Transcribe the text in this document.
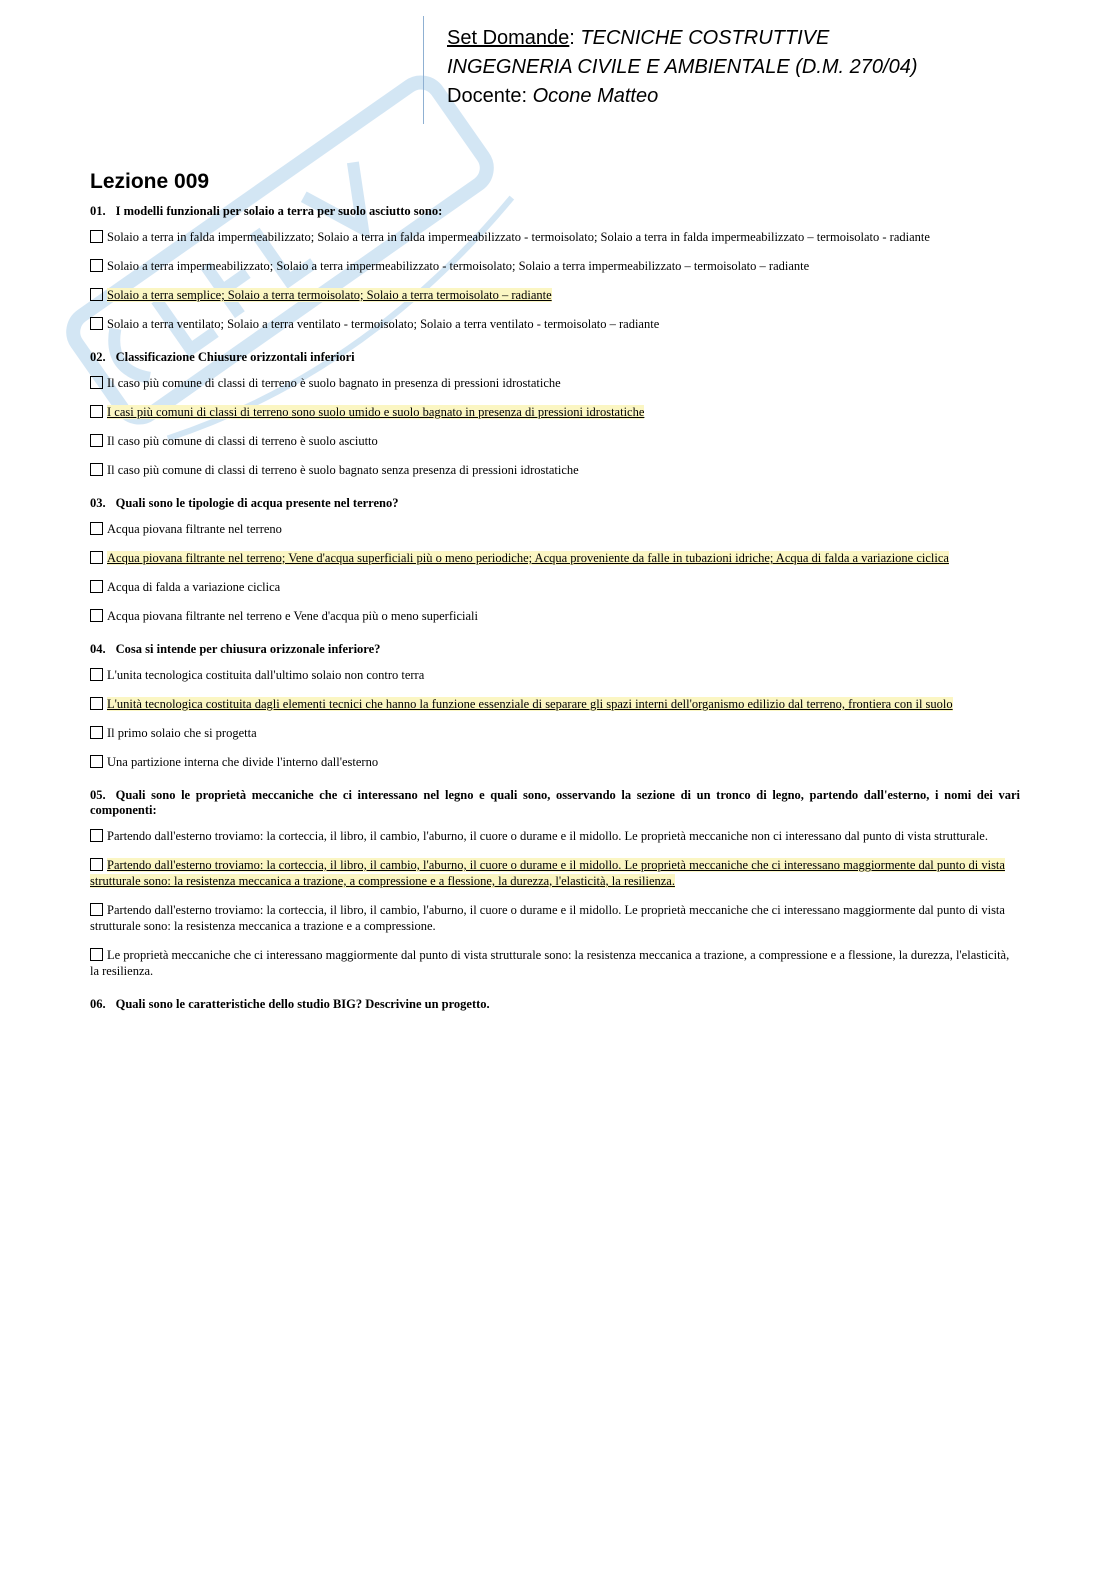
Set Domande: TECNICHE COSTRUTTIVE
INGEGNERIA CIVILE E AMBIENTALE (D.M. 270/04)
Docente: Ocone Matteo
Lezione 009
01. I modelli funzionali per solaio a terra per suolo asciutto sono:
Solaio a terra in falda impermeabilizzato; Solaio a terra in falda impermeabilizzato - termoisolato; Solaio a terra in falda impermeabilizzato – termoisolato - radiante
Solaio a terra impermeabilizzato; Solaio a terra impermeabilizzato - termoisolato; Solaio a terra impermeabilizzato – termoisolato – radiante
Solaio a terra semplice; Solaio a terra termoisolato; Solaio a terra termoisolato – radiante
Solaio a terra ventilato; Solaio a terra ventilato - termoisolato; Solaio a terra ventilato - termoisolato – radiante
02. Classificazione Chiusure orizzontali inferiori
Il caso più comune di classi di terreno è suolo bagnato in presenza di pressioni idrostatiche
I casi più comuni di classi di terreno sono suolo umido e suolo bagnato in presenza di pressioni idrostatiche
Il caso più comune di classi di terreno è suolo asciutto
Il caso più comune di classi di terreno è suolo bagnato senza presenza di pressioni idrostatiche
03. Quali sono le tipologie di acqua presente nel terreno?
Acqua piovana filtrante nel terreno
Acqua piovana filtrante nel terreno; Vene d'acqua superficiali più o meno periodiche; Acqua proveniente da falle in tubazioni idriche; Acqua di falda a variazione ciclica
Acqua di falda a variazione ciclica
Acqua piovana filtrante nel terreno e Vene d'acqua più o meno superficiali
04. Cosa si intende per chiusura orizzonale inferiore?
L'unita tecnologica costituita dall'ultimo solaio non contro terra
L'unità tecnologica costituita dagli elementi tecnici che hanno la funzione essenziale di separare gli spazi interni dell'organismo edilizio dal terreno, frontiera con il suolo
Il primo solaio che si progetta
Una partizione interna che divide l'interno dall'esterno
05. Quali sono le proprietà meccaniche che ci interessano nel legno e quali sono, osservando la sezione di un tronco di legno, partendo dall'esterno, i nomi dei vari componenti:
Partendo dall'esterno troviamo: la corteccia, il libro, il cambio, l'aburno, il cuore o durame e il midollo. Le proprietà meccaniche non ci interessano dal punto di vista strutturale.
Partendo dall'esterno troviamo: la corteccia, il libro, il cambio, l'aburno, il cuore o durame e il midollo. Le proprietà meccaniche che ci interessano maggiormente dal punto di vista strutturale sono: la resistenza meccanica a trazione, a compressione e a flessione, la durezza, l'elasticità, la resilienza.
Partendo dall'esterno troviamo: la corteccia, il libro, il cambio, l'aburno, il cuore o durame e il midollo. Le proprietà meccaniche che ci interessano maggiormente dal punto di vista strutturale sono: la resistenza meccanica a trazione e a compressione.
Le proprietà meccaniche che ci interessano maggiormente dal punto di vista strutturale sono: la resistenza meccanica a trazione, a compressione e a flessione, la durezza, l'elasticità, la resilienza.
06. Quali sono le caratteristiche dello studio BIG? Descrivine un progetto.
